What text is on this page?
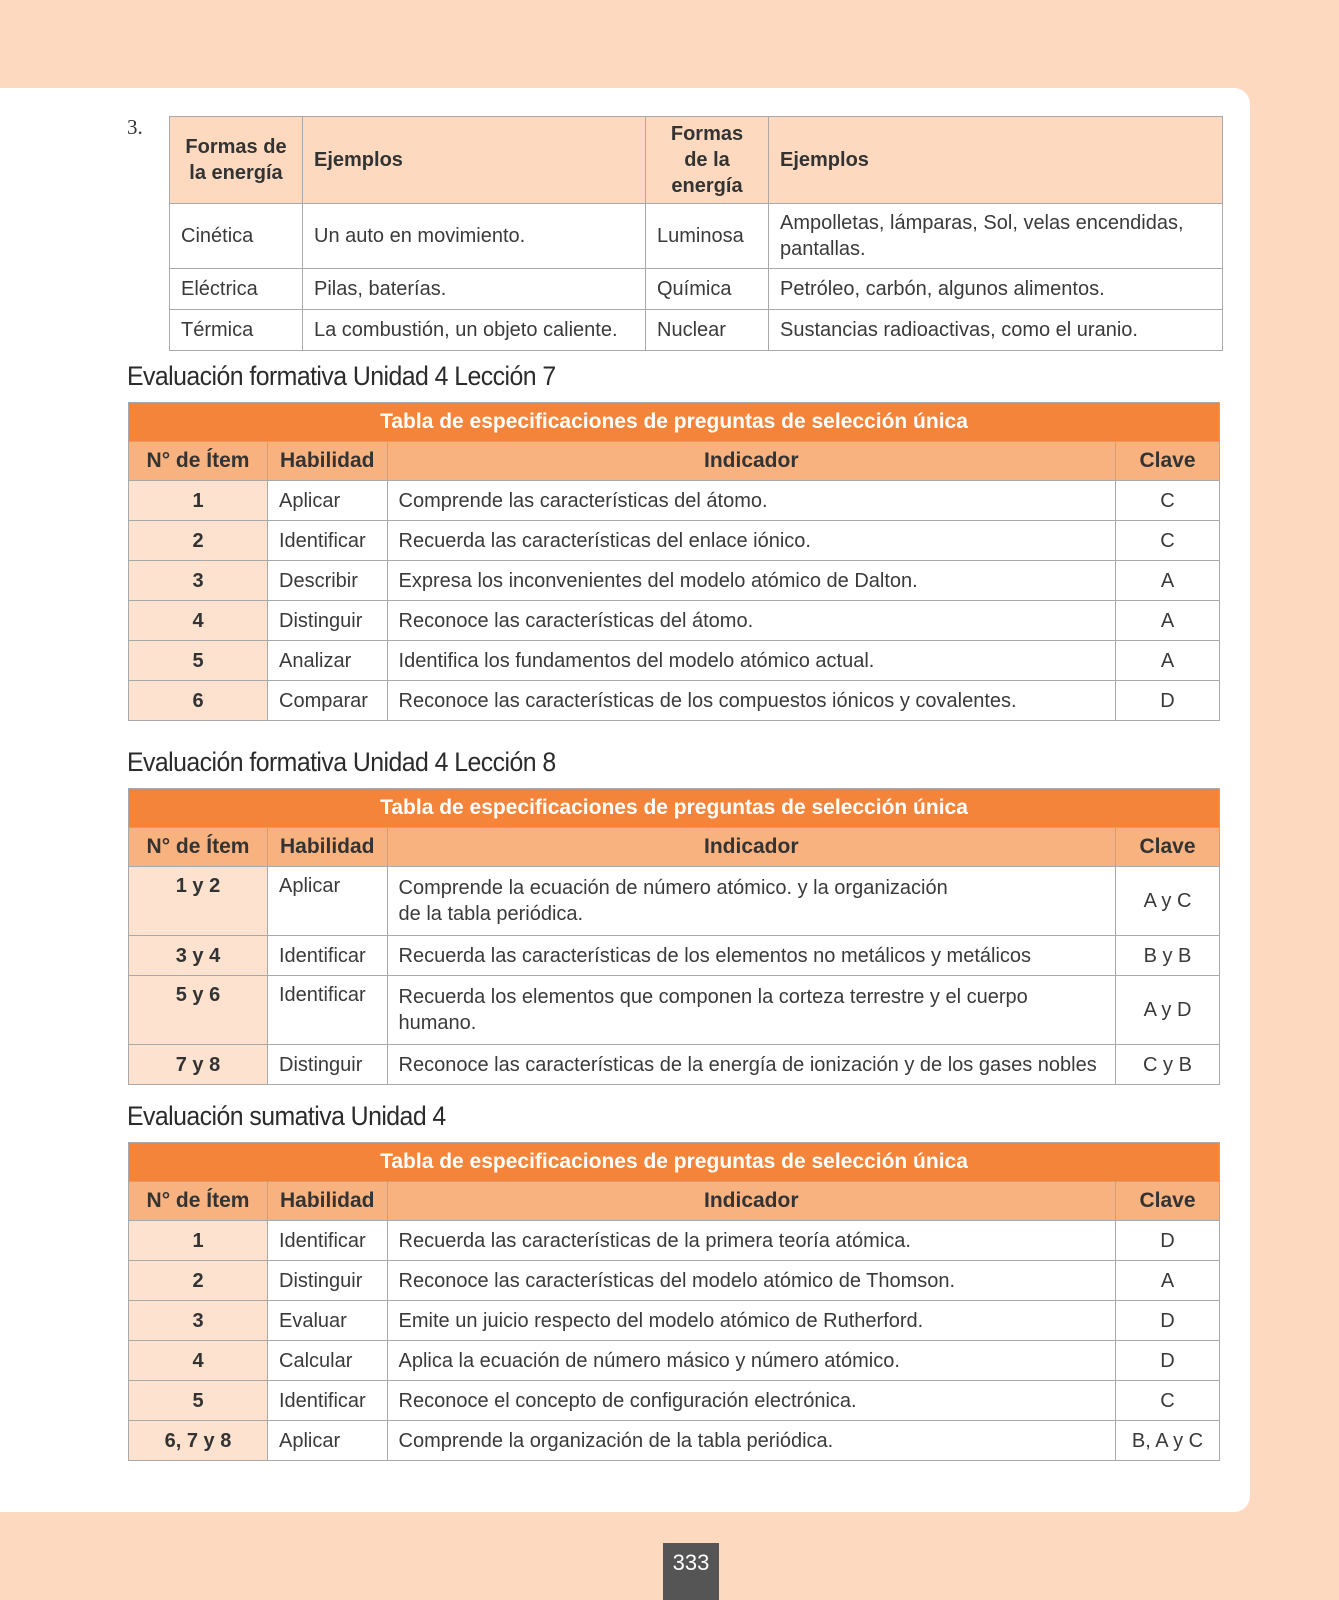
3.
Formas de la energía	Ejemplos	Formas de la energía	Ejemplos
Cinética	Un auto en movimiento.	Luminosa	Ampolletas, lámparas, Sol, velas encendidas, pantallas.
Eléctrica	Pilas, baterías.	Química	Petróleo, carbón, algunos alimentos.
Térmica	La combustión, un objeto caliente.	Nuclear	Sustancias radioactivas, como el uranio.
Evaluación formativa Unidad 4 Lección 7
Tabla de especificaciones de preguntas de selección única			
N° de Ítem	Habilidad	Indicador	Clave
1	Aplicar	Comprende las características del átomo.	C
2	Identificar	Recuerda las características del enlace iónico.	C
3	Describir	Expresa los inconvenientes del modelo atómico de Dalton.	A
4	Distinguir	Reconoce las características del átomo.	A
5	Analizar	Identifica los fundamentos del modelo atómico actual.	A
6	Comparar	Reconoce las características de los compuestos iónicos y covalentes.	D
Evaluación formativa Unidad 4 Lección 8
Tabla de especificaciones de preguntas de selección única			
N° de Ítem	Habilidad	Indicador	Clave
1 y 2	Aplicar	Comprende la ecuación de número atómico. y la organización de la tabla periódica.	A y C
3 y 4	Identificar	Recuerda las características de los elementos no metálicos y metálicos	B y B
5 y 6	Identificar	Recuerda los elementos que componen la corteza terrestre y el cuerpo humano.	A y D
7 y 8	Distinguir	Reconoce las características de la energía de ionización y de los gases nobles	C y B
Evaluación sumativa Unidad 4
Tabla de especificaciones de preguntas de selección única			
N° de Ítem	Habilidad	Indicador	Clave
1	Identificar	Recuerda las características de la primera teoría atómica.	D
2	Distinguir	Reconoce las características del modelo atómico de Thomson.	A
3	Evaluar	Emite un juicio respecto del modelo atómico de Rutherford.	D
4	Calcular	Aplica la ecuación de número másico y número atómico.	D
5	Identificar	Reconoce el concepto de configuración electrónica.	C
6, 7 y 8	Aplicar	Comprende la organización de la tabla periódica.	B, A y C
333
